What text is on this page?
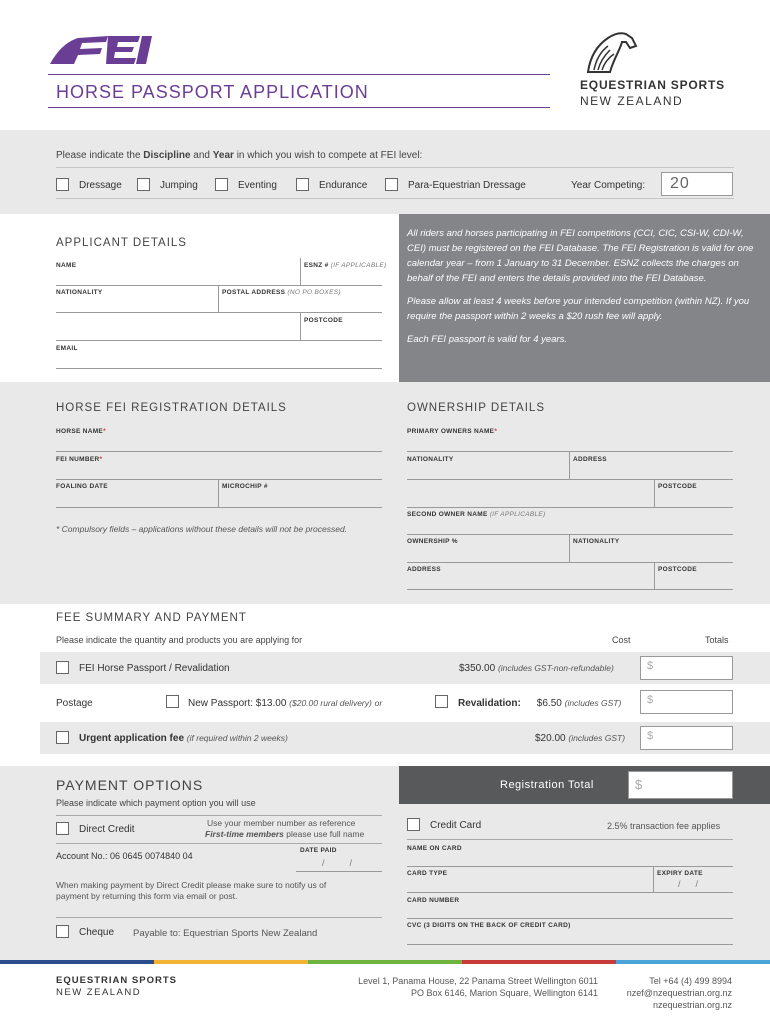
HORSE PASSPORT APPLICATION	EQUESTRIAN SPORTS
NEW ZEALAND
Please indicate the Discipline and Year in which you wish to compete at FEI level:
Dressage	Jumping	Eventing	Endurance	Para-Equestrian Dressage	Year Competing:	20
APPLICANT DETAILS
NAME	ESNZ # (IF APPLICABLE)
NATIONALITY	POSTAL ADDRESS (NO PO BOXES)
POSTCODE
EMAIL

All riders and horses participating in FEI competitions (CCI, CIC, CSI-W, CDI-W, CEI) must be registered on the FEI Database. The FEI Registration is valid for one calendar year – from 1 January to 31 December. ESNZ collects the charges on behalf of the FEI and enters the details provided into the FEI Database.

Please allow at least 4 weeks before your intended competition (within NZ). If you require the passport within 2 weeks a $20 rush fee will apply.

Each FEI passport is valid for 4 years.

HORSE FEI REGISTRATION DETAILS
HORSE NAME*
FEI NUMBER*
FOALING DATE	MICROCHIP #
* Compulsory fields – applications without these details will not be processed.
OWNERSHIP DETAILS
PRIMARY OWNERS NAME*
NATIONALITY	ADDRESS
POSTCODE
SECOND OWNER NAME (IF APPLICABLE)
OWNERSHIP %	NATIONALITY
ADDRESS	POSTCODE
FEE SUMMARY AND PAYMENT
Please indicate the quantity and products you are applying for	Cost	Totals
FEI Horse Passport / Revalidation	$350.00 (includes GST-non-refundable)	$
Postage	New Passport: $13.00 ($20.00 rural delivery) or	Revalidation: $6.50 (includes GST)	$
Urgent application fee (if required within 2 weeks)	$20.00 (includes GST)	$
PAYMENT OPTIONS
Please indicate which payment option you will use
Registration Total	$
Direct Credit
Use your member number as reference
First-time members please use full name
Account No.: 06 0645 0074840 04
DATE PAID
/          /
When making payment by Direct Credit please make sure to notify us of payment by returning this form via email or post.
Cheque Payable to: Equestrian Sports New Zealand
Credit Card	2.5% transaction fee applies
NAME ON CARD
CARD TYPE	EXPIRY DATE
/      /
CARD NUMBER
CVC (3 DIGITS ON THE BACK OF CREDIT CARD)
EQUESTRIAN SPORTS
NEW ZEALAND
Level 1, Panama House, 22 Panama Street Wellington 6011
PO Box 6146, Marion Square, Wellington 6141
Tel +64 (4) 499 8994
nzef@nzequestrian.org.nz
nzequestrian.org.nz
